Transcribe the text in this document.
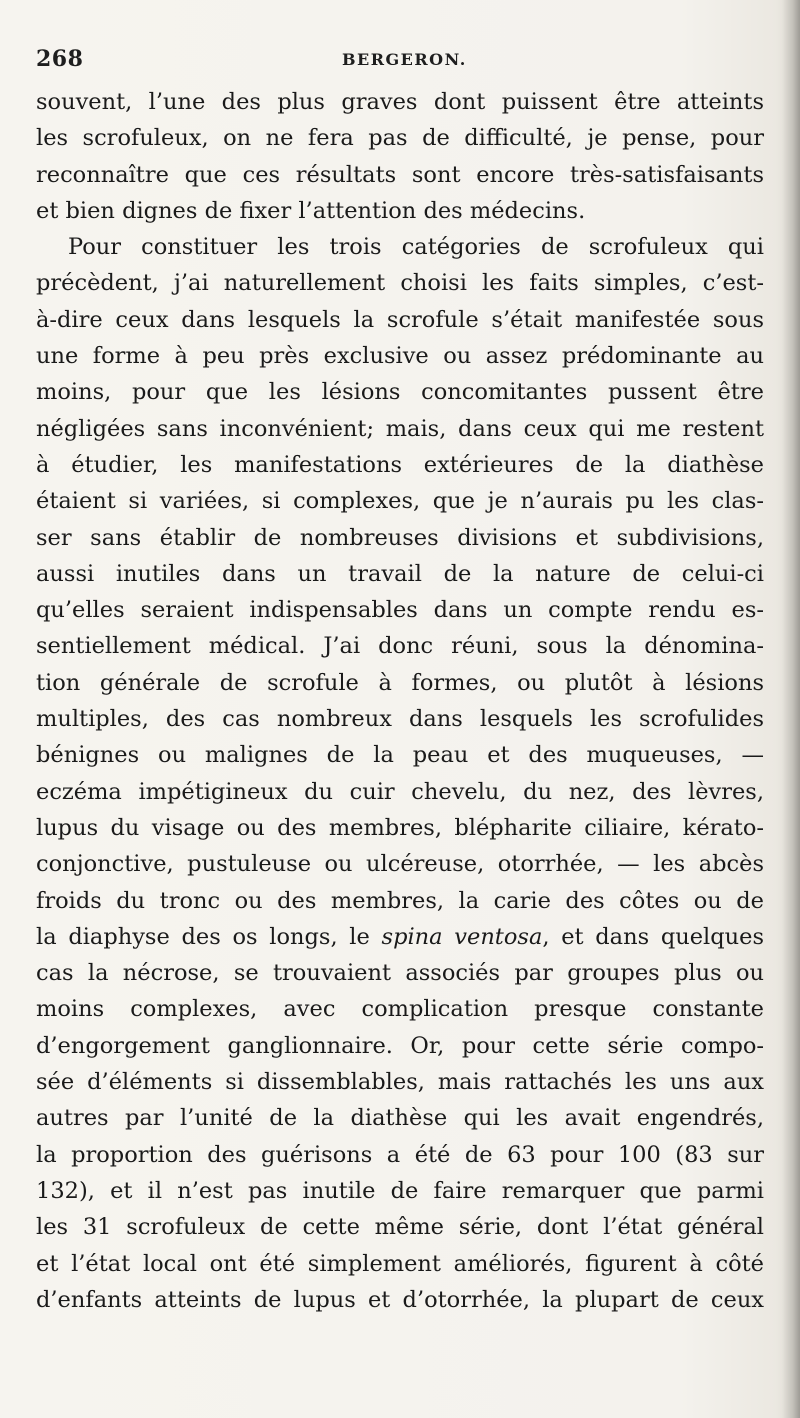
268	BERGERON.
souvent, l’une des plus graves dont puissent être atteints
les scrofuleux, on ne fera pas de difficulté, je pense, pour
reconnaître que ces résultats sont encore très-satisfaisants
et bien dignes de fixer l’attention des médecins.
Pour constituer les trois catégories de scrofuleux qui
précèdent, j’ai naturellement choisi les faits simples, c’est-
à-dire ceux dans lesquels la scrofule s’était manifestée sous
une forme à peu près exclusive ou assez prédominante au
moins, pour que les lésions concomitantes pussent être
négligées sans inconvénient; mais, dans ceux qui me restent
à étudier, les manifestations extérieures de la diathèse
étaient si variées, si complexes, que je n’aurais pu les clas-
ser sans établir de nombreuses divisions et subdivisions,
aussi inutiles dans un travail de la nature de celui-ci
qu’elles seraient indispensables dans un compte rendu es-
sentiellement médical. J’ai donc réuni, sous la dénomina-
tion générale de scrofule à formes, ou plutôt à lésions
multiples, des cas nombreux dans lesquels les scrofulides
bénignes ou malignes de la peau et des muqueuses, —
eczéma impétigineux du cuir chevelu, du nez, des lèvres,
lupus du visage ou des membres, blépharite ciliaire, kérato-
conjonctive, pustuleuse ou ulcéreuse, otorrhée, — les abcès
froids du tronc ou des membres, la carie des côtes ou de
la diaphyse des os longs, le spina ventosa, et dans quelques
cas la nécrose, se trouvaient associés par groupes plus ou
moins complexes, avec complication presque constante
d’engorgement ganglionnaire. Or, pour cette série compo-
sée d’éléments si dissemblables, mais rattachés les uns aux
autres par l’unité de la diathèse qui les avait engendrés,
la proportion des guérisons a été de 63 pour 100 (83 sur
132), et il n’est pas inutile de faire remarquer que parmi
les 31 scrofuleux de cette même série, dont l’état général
et l’état local ont été simplement améliorés, figurent à côté
d’enfants atteints de lupus et d’otorrhée, la plupart de ceux
